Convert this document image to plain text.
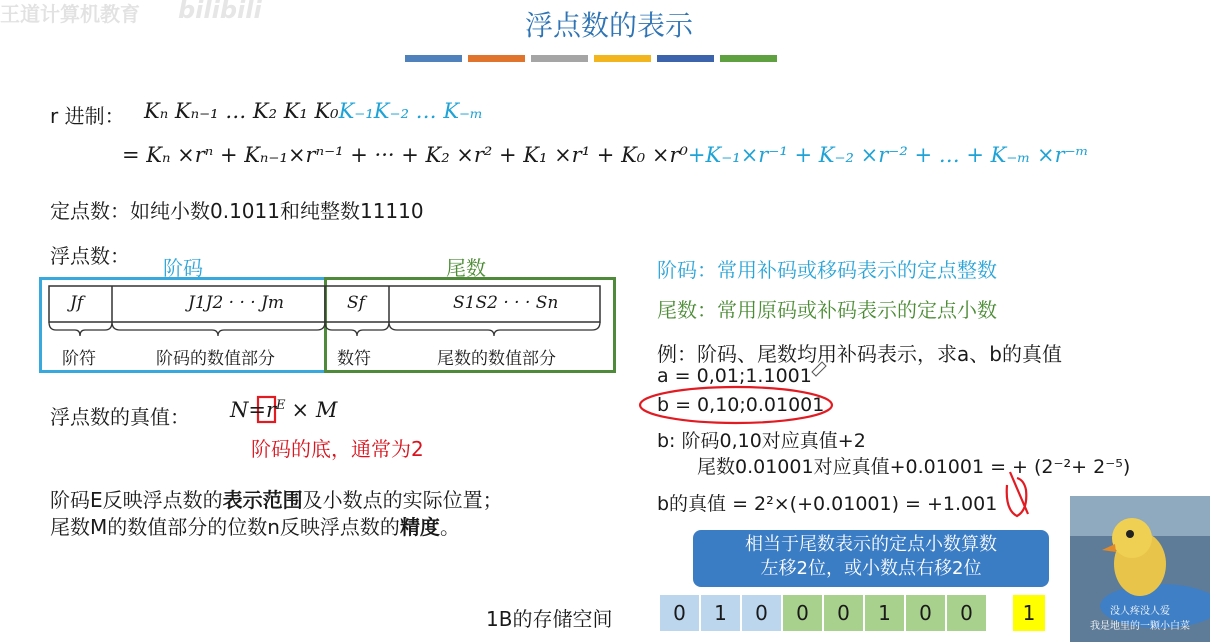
王道计算机教育 bilibili	浮点数的表示
r 进制： Kₙ Kₙ₋₁ … K₂ K₁ K₀K₋₁K₋₂ … K₋ₘ
= Kₙ ×rⁿ + Kₙ₋₁×rⁿ⁻¹ + ··· + K₂ ×r² + K₁ ×r¹ + K₀ ×r⁰+K₋₁×r⁻¹ + K₋₂ ×r⁻² + … + K₋ₘ ×r⁻ᵐ
定点数：如纯小数0.1011和纯整数11110
浮点数： 阶码	尾数
Jf	J1J2 · · · Jm	Sf	S1S2 · · · Sn
阶符	阶码的数值部分	数符	尾数的数值部分
浮点数的真值： $N=r^E \times M$
阶码的底，通常为2
阶码E反映浮点数的表示范围及小数点的实际位置；
尾数M的数值部分的位数n反映浮点数的精度。
阶码：常用补码或移码表示的定点整数
尾数：常用原码或补码表示的定点小数
例：阶码、尾数均用补码表示，求a、b的真值
a = 0,01;1.1001
b = 0,10;0.01001
b: 阶码0,10对应真值+2
尾数0.01001对应真值+0.01001 = + (2⁻²+ 2⁻⁵)
b的真值 = 2²×(+0.01001) = +1.001
相当于尾数表示的定点小数算数
左移2位，或小数点右移2位
1B的存储空间	0	1	0	0	0	1	0	0	1	没人疼没人爱
我是地里的一颗小白菜
